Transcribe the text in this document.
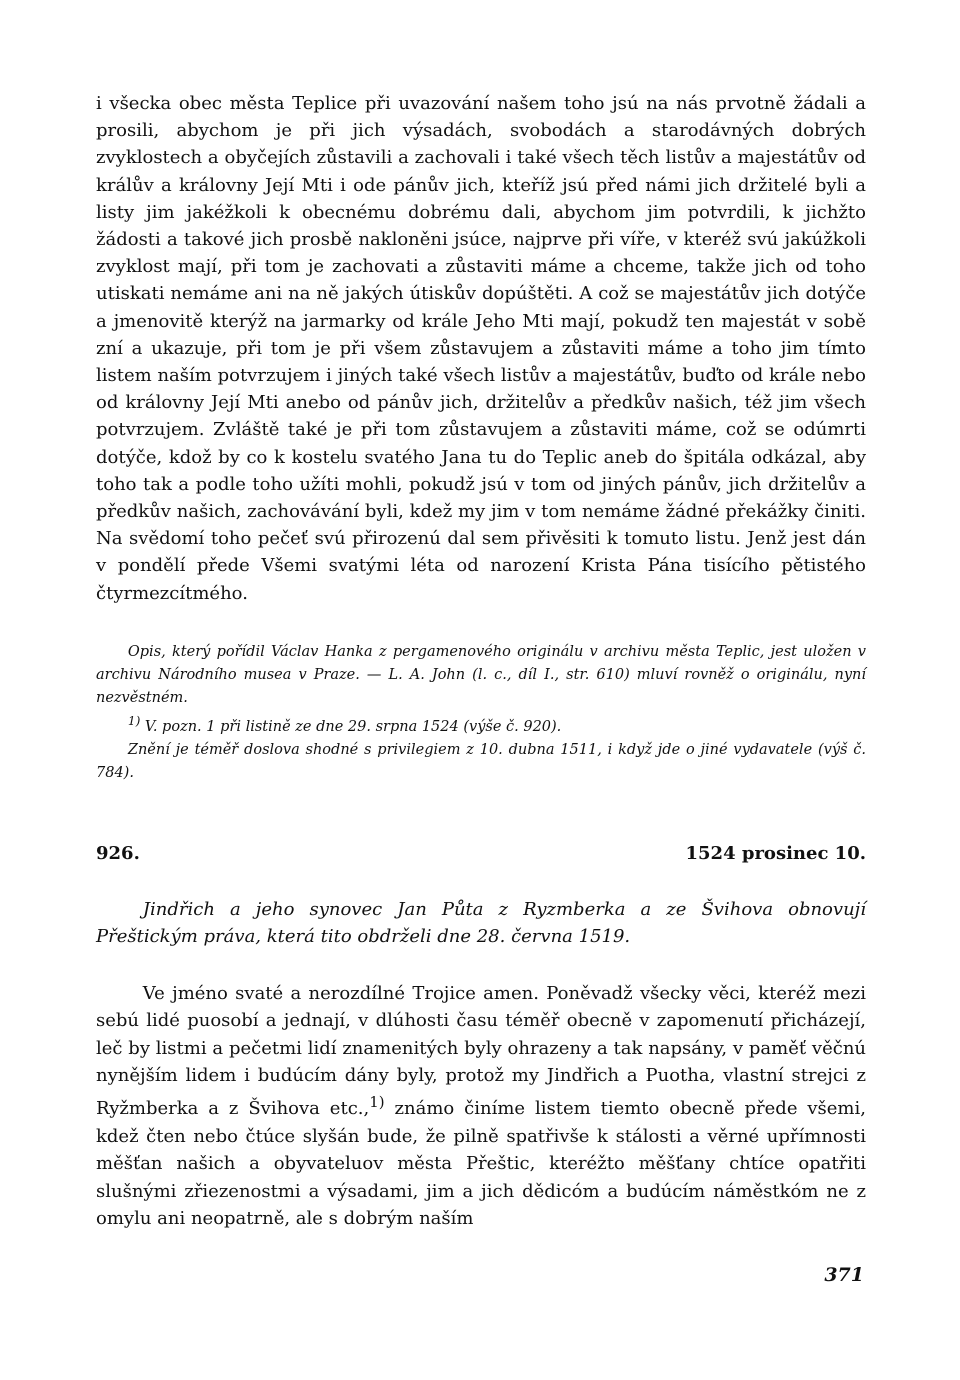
i všecka obec města Teplice při uvazování našem toho jsú na nás prvotně žádali a prosili, abychom je při jich výsadách, svobodách a starodávných dobrých zvyklostech a obyčejích zůstavili a zachovali i také všech těch listův a majestátův od králův a královny Její Mti i ode pánův jich, kteříž jsú před námi jich držitelé byli a listy jim jakéžkoli k obecnému dobrému dali, abychom jim potvrdili, k jichžto žádosti a takové jich prosbě nakloněni jsúce, najprve při víře, v kteréž svú jakúžkoli zvyklost mají, při tom je zachovati a zůstaviti máme a chceme, takže jich od toho utiskati nemáme ani na ně jakých útiskův dopúštěti. A což se majestátův jich dotýče a jmenovitě kterýž na jarmarky od krále Jeho Mti mají, pokudž ten majestát v sobě zní a ukazuje, při tom je při všem zůstavujem a zůstaviti máme a toho jim tímto listem naším potvrzujem i jiných také všech listův a majestátův, buďto od krále nebo od královny Její Mti anebo od pánův jich, držitelův a předkův našich, též jim všech potvrzujem. Zvláště také je při tom zůstavujem a zůstaviti máme, což se odúmrti dotýče, kdož by co k kostelu svatého Jana tu do Teplic aneb do špitála odkázal, aby toho tak a podle toho užíti mohli, pokudž jsú v tom od jiných pánův, jich držitelův a předkův našich, zachovávání byli, kdež my jim v tom nemáme žádné překážky činiti. Na svědomí toho pečeť svú přirozenú dal sem přivěsiti k tomuto listu. Jenž jest dán v pondělí přede Všemi svatými léta od narození Krista Pána tisícího pětistého čtyrmezcítmého.

Opis, který pořídil Václav Hanka z pergamenového originálu v archivu města Teplic, jest uložen v archivu Národního musea v Praze. — L. A. John (l. c., díl I., str. 610) mluví rovněž o originálu, nyní nezvěstném.

$^{1)}$ V. pozn. 1 při listině ze dne 29. srpna 1524 (výše č. 920).

Znění je téměř doslova shodné s privilegiem z 10. dubna 1511, i když jde o jiné vydavatele (výš č. 784).

926.	1524 prosinec 10.

Jindřich a jeho synovec Jan Půta z Ryzmberka a ze Švihova obnovují Přeštickým práva, která tito obdrželi dne 28. června 1519.

Ve jméno svaté a nerozdílné Trojice amen. Poněvadž všecky věci, kteréž mezi sebú lidé puosobí a jednají, v dlúhosti času téměř obecně v zapomenutí přicházejí, leč by listmi a pečetmi lidí znamenitých byly ohrazeny a tak napsány, v paměť věčnú nynějším lidem i budúcím dány byly, protož my Jindřich a Puotha, vlastní strejci z Ryžmberka a z Švihova etc.,$^{1)}$ známo činíme listem tiemto obecně přede všemi, kdež čten nebo čtúce slyšán bude, že pilně spatřivše k stálosti a věrné upřímnosti měšťan našich a obyvateluov města Přeštic, kteréžto měšťany chtíce opatřiti slušnými zřiezenostmi a výsadami, jim a jich dědicóm a budúcím náměstkóm ne z omylu ani neopatrně, ale s dobrým naším

371
